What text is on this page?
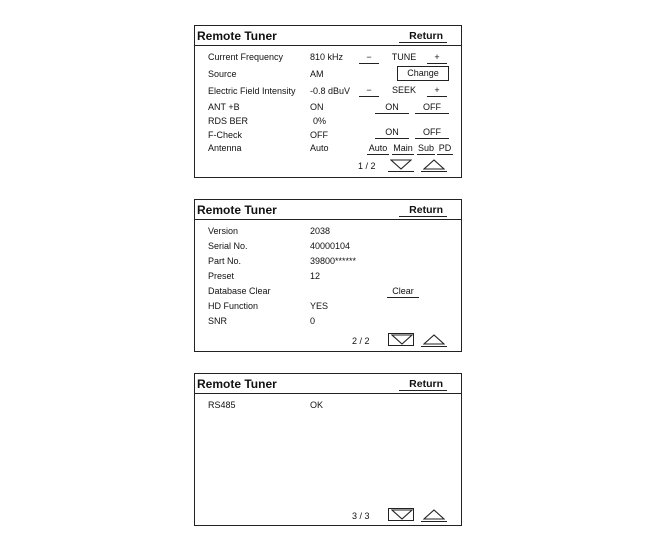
Remote Tuner	Return
Current Frequency	810 kHz	−	TUNE	+
Source	AM	Change
Electric Field Intensity -0.8 dBuV	−	SEEK	+
ANT +B	ON	ON	OFF
RDS BER	0%
F-Check	OFF	ON	OFF
Antenna	Auto	Auto Main Sub PD
1 / 2
Remote Tuner	Return
Version	2038
Serial No.	40000104
Part No.	39800******
Preset	12
Database Clear	Clear
HD Function	YES
SNR	0
2 / 2
Remote Tuner	Return
RS485	OK
3 / 3
